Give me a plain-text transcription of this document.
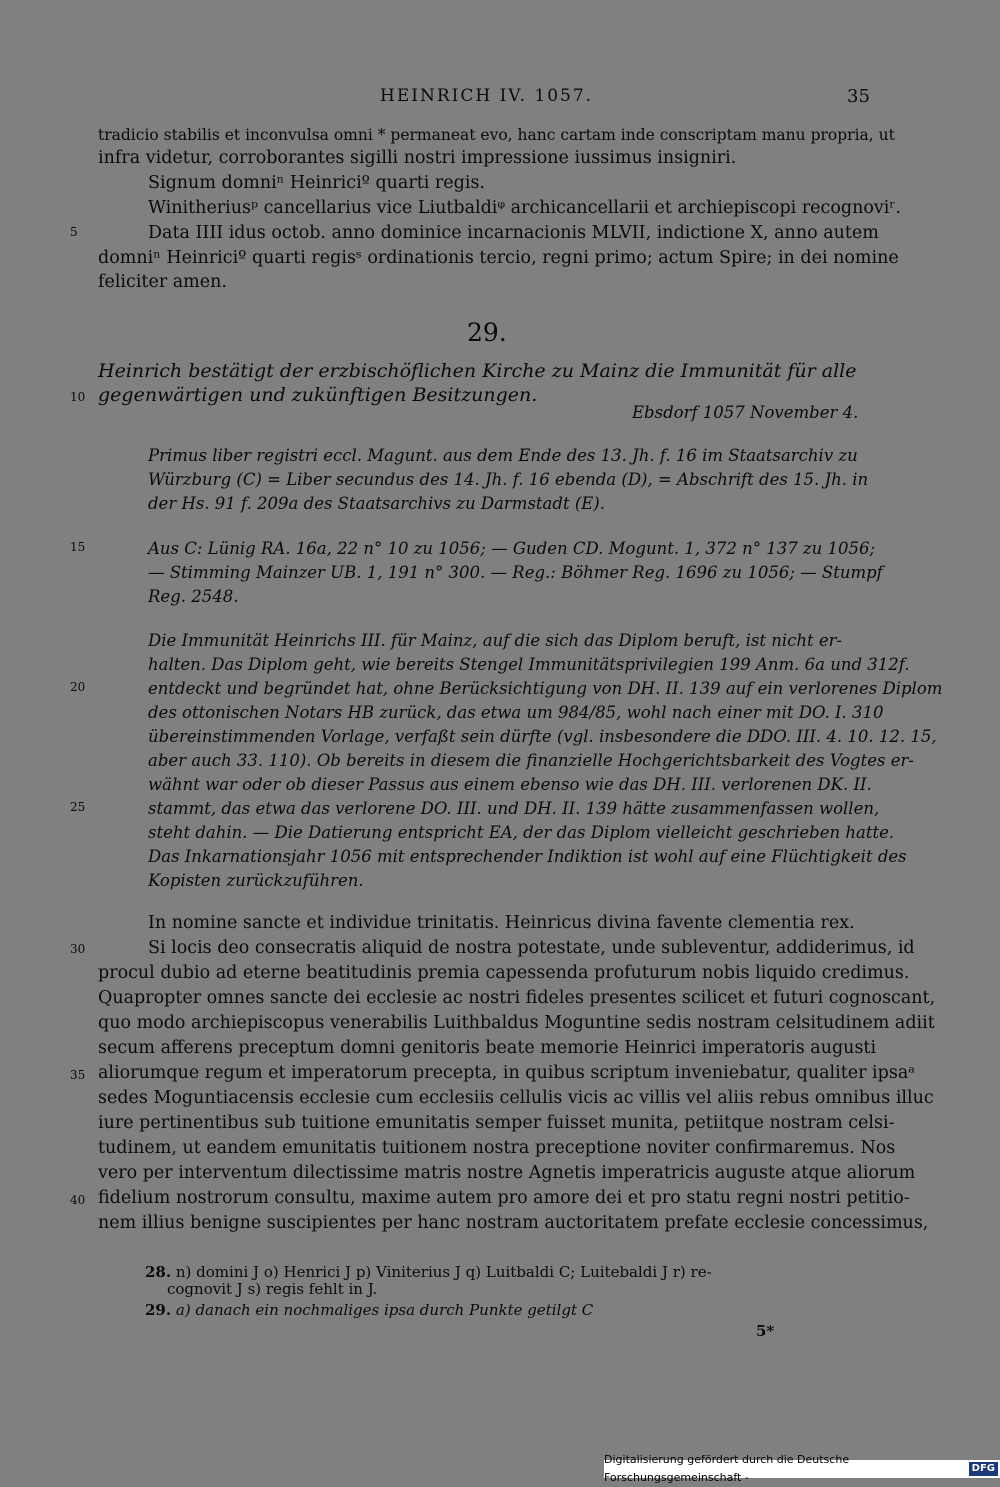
HEINRICH IV. 1057.	35
tradicio stabilis et inconvulsa omni * permaneat evo, hanc cartam inde conscriptam manu propria, ut
infra videtur, corroborantes sigilli nostri impressione iussimus insigniri.
Signum domniⁿ Heinriciº quarti regis.
Winitheriusᵖ cancellarius vice Liutbaldiᵠ archicancellarii et archiepiscopi recognoviʳ.
5	Data IIII idus octob. anno dominice incarnacionis MLVII, indictione X, anno autem
domniⁿ Heinriciº quarti regisˢ ordinationis tercio, regni primo; actum Spire; in dei nomine
feliciter amen.
29.
Heinrich bestätigt der erzbischöflichen Kirche zu Mainz die Immunität für alle
10 gegenwärtigen und zukünftigen Besitzungen.
Ebsdorf 1057 November 4.
Primus liber registri eccl. Magunt. aus dem Ende des 13. Jh. f. 16 im Staatsarchiv zu
Würzburg (C) = Liber secundus des 14. Jh. f. 16 ebenda (D), = Abschrift des 15. Jh. in
der Hs. 91 f. 209a des Staatsarchivs zu Darmstadt (E).
15	Aus C: Lünig RA. 16a, 22 n° 10 zu 1056; — Guden CD. Mogunt. 1, 372 n° 137 zu 1056;
— Stimming Mainzer UB. 1, 191 n° 300. — Reg.: Böhmer Reg. 1696 zu 1056; — Stumpf
Reg. 2548.
Die Immunität Heinrichs III. für Mainz, auf die sich das Diplom beruft, ist nicht er-
halten. Das Diplom geht, wie bereits Stengel Immunitätsprivilegien 199 Anm. 6a und 312f.
20	entdeckt und begründet hat, ohne Berücksichtigung von DH. II. 139 auf ein verlorenes Diplom
des ottonischen Notars HB zurück, das etwa um 984/85, wohl nach einer mit DO. I. 310
übereinstimmenden Vorlage, verfaßt sein dürfte (vgl. insbesondere die DDO. III. 4. 10. 12. 15,
aber auch 33. 110). Ob bereits in diesem die finanzielle Hochgerichtsbarkeit des Vogtes er-
wähnt war oder ob dieser Passus aus einem ebenso wie das DH. III. verlorenen DK. II.
25	stammt, das etwa das verlorene DO. III. und DH. II. 139 hätte zusammenfassen wollen,
steht dahin. — Die Datierung entspricht EA, der das Diplom vielleicht geschrieben hatte.
Das Inkarnationsjahr 1056 mit entsprechender Indiktion ist wohl auf eine Flüchtigkeit des
Kopisten zurückzuführen.
In nomine sancte et individue trinitatis. Heinricus divina favente clementia rex.
30	Si locis deo consecratis aliquid de nostra potestate, unde subleventur, addiderimus, id
procul dubio ad eterne beatitudinis premia capessenda profuturum nobis liquido credimus.
Quapropter omnes sancte dei ecclesie ac nostri fideles presentes scilicet et futuri cognoscant,
quo modo archiepiscopus venerabilis Luithbaldus Moguntine sedis nostram celsitudinem adiit
secum afferens preceptum domni genitoris beate memorie Heinrici imperatoris augusti
35 aliorumque regum et imperatorum precepta, in quibus scriptum inveniebatur, qualiter ipsaᵃ
sedes Moguntiacensis ecclesie cum ecclesiis cellulis vicis ac villis vel aliis rebus omnibus illuc
iure pertinentibus sub tuitione emunitatis semper fuisset munita, petiitque nostram celsi-
tudinem, ut eandem emunitatis tuitionem nostra preceptione noviter confirmaremus. Nos
vero per interventum dilectissime matris nostre Agnetis imperatricis auguste atque aliorum
40 fidelium nostrorum consultu, maxime autem pro amore dei et pro statu regni nostri petitio-
nem illius benigne suscipientes per hanc nostram auctoritatem prefate ecclesie concessimus,
28. n) domini J o) Henrici J p) Viniterius J q) Luitbaldi C; Luitebaldi J r) re-
cognovit J s) regis fehlt in J.
29. a) danach ein nochmaliges ipsa durch Punkte getilgt C
5*
Digitalisierung gefördert durch die Deutsche Forschungsgemeinschaft -
DFG
